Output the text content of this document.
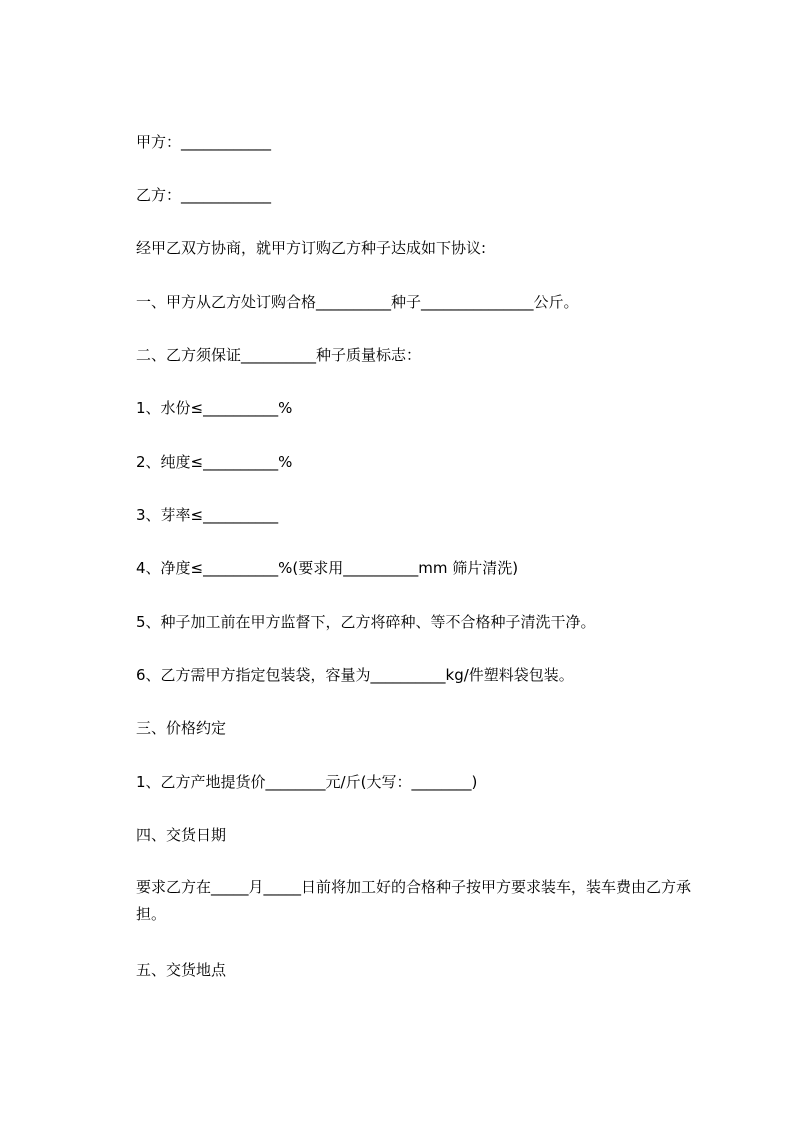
甲方：____________
乙方：____________
经甲乙双方协商，就甲方订购乙方种子达成如下协议:
一、甲方从乙方处订购合格__________种子_______________公斤。
二、乙方须保证__________种子质量标志：
1、水份≤__________%
2、纯度≤__________%
3、芽率≤__________
4、净度≤__________%(要求用__________mm 筛片清洗)
5、种子加工前在甲方监督下，乙方将碎种、等不合格种子清洗干净。
6、乙方需甲方指定包装袋，容量为__________kg/件塑料袋包装。
三、价格约定
1、乙方产地提货价________元/斤(大写：________)
四、交货日期
要求乙方在_____月_____日前将加工好的合格种子按甲方要求装车，装车费由乙方承担。
五、交货地点
